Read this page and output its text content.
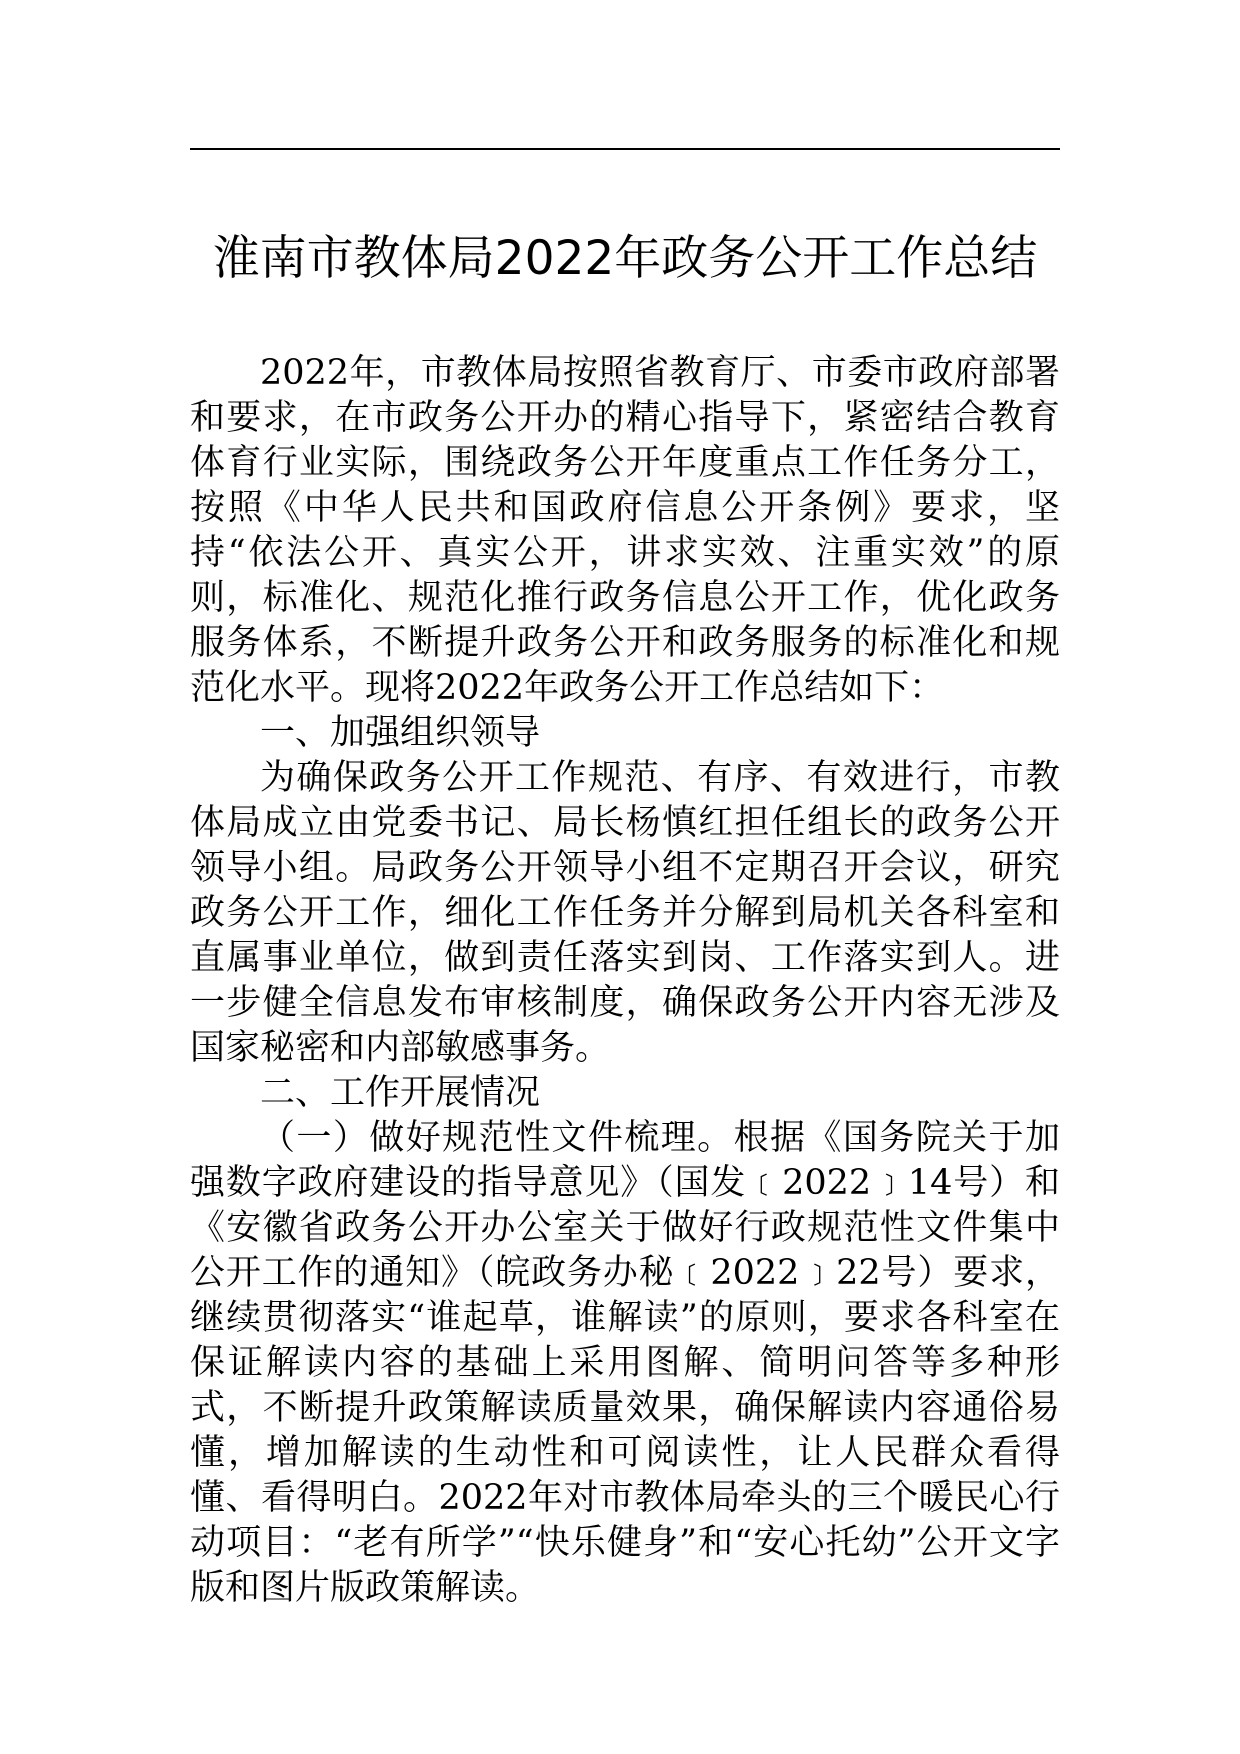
淮南市教体局2022年政务公开工作总结

2022年，市教体局按照省教育厅、市委市政府部署和要求，在市政务公开办的精心指导下，紧密结合教育体育行业实际，围绕政务公开年度重点工作任务分工，按照《中华人民共和国政府信息公开条例》要求，坚持“依法公开、真实公开，讲求实效、注重实效”的原则，标准化、规范化推行政务信息公开工作，优化政务服务体系，不断提升政务公开和政务服务的标准化和规范化水平。现将2022年政务公开工作总结如下：

一、加强组织领导

为确保政务公开工作规范、有序、有效进行，市教体局成立由党委书记、局长杨慎红担任组长的政务公开领导小组。局政务公开领导小组不定期召开会议，研究政务公开工作，细化工作任务并分解到局机关各科室和直属事业单位，做到责任落实到岗、工作落实到人。进一步健全信息发布审核制度，确保政务公开内容无涉及国家秘密和内部敏感事务。

二、工作开展情况

（一）做好规范性文件梳理。根据《国务院关于加强数字政府建设的指导意见》（国发﹝2022﹞14号）和《安徽省政务公开办公室关于做好行政规范性文件集中公开工作的通知》（皖政务办秘﹝2022﹞22号）要求，继续贯彻落实“谁起草，谁解读”的原则，要求各科室在保证解读内容的基础上采用图解、简明问答等多种形式，不断提升政策解读质量效果，确保解读内容通俗易懂，增加解读的生动性和可阅读性，让人民群众看得懂、看得明白。2022年对市教体局牵头的三个暖民心行动项目：“老有所学”“快乐健身”和“安心托幼”公开文字版和图片版政策解读。
